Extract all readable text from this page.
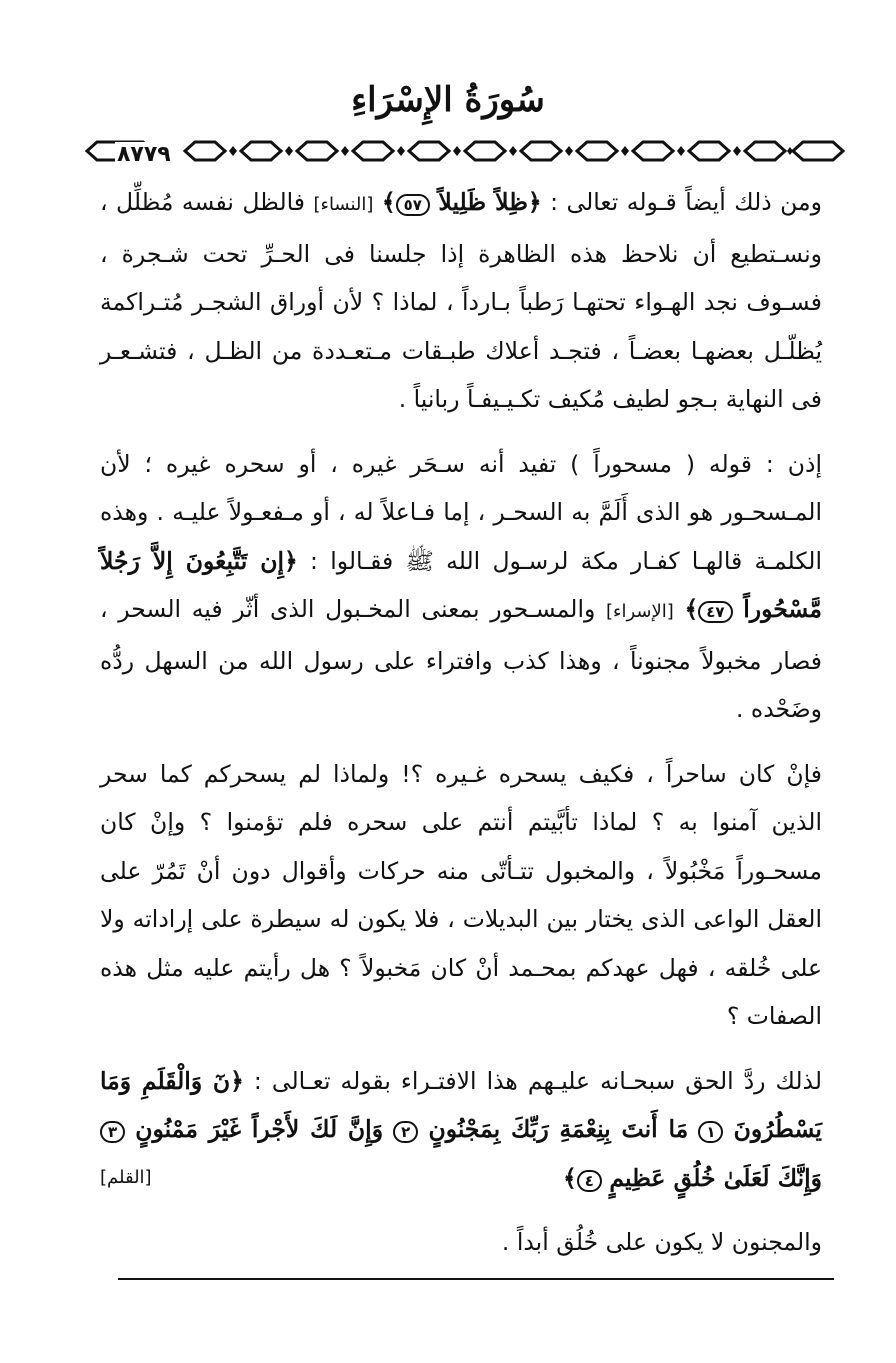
سُورَةُ الإِسْرَاءِ
٨٧٧٩

ومن ذلك أيضاً قـوله تعالى : ﴿ظِلاً ظَلِيلاً ٥٧﴾ [النساء] فالظل نفسه مُظلِّل ، ونسـتطيع أن نلاحظ هذه الظاهرة إذا جلسنا فى الحـرِّ تحت شـجرة ، فسـوف نجد الهـواء تحتهـا رَطباً بـارداً ، لماذا ؟ لأن أوراق الشجـر مُتـراكمة يُظلّـل بعضهـا بعضـاً ، فتجـد أعلاك طبـقات مـتعـددة من الظـل ، فتشـعـر فى النهاية بـجو لطيف مُكيف تكـيـيفـاً ربانياً .

إذن : قوله ( مسحوراً ) تفيد أنه سـحَر غيره ، أو سحره غيره ؛ لأن المـسحـور هو الذى أَلَمَّ به السحـر ، إما فـاعلاً له ، أو مـفعـولاً عليـه . وهذه الكلمـة قالهـا كفـار مكة لرسـول الله ﷺ فقـالوا : ﴿إِن تَتَّبِعُونَ إِلاَّ رَجُلاً مَّسْحُوراً ٤٧﴾ [الإسراء] والمسـحور بمعنى المخـبول الذى أثّر فيه السحر ، فصار مخبولاً مجنوناً ، وهذا كذب وافتراء على رسول الله من السهل ردُّه وضَحْده .

فإنْ كان ساحراً ، فكيف يسحره غـيره ؟! ولماذا لم يسحركم كما سحر الذين آمنوا به ؟ لماذا تأبَّيتم أنتم على سحره فلم تؤمنوا ؟ وإنْ كان مسحـوراً مَخْبُولاً ، والمخبول تتـأتّى منه حركات وأقوال دون أنْ تَمُرّ على العقل الواعى الذى يختار بين البديلات ، فلا يكون له سيطرة على إراداته ولا على خُلقه ، فهل عهدكم بمحـمد أنْ كان مَخبولاً ؟ هل رأيتم عليه مثل هذه الصفات ؟

لذلك ردَّ الحق سبحـانه عليـهم هذا الافتـراء بقوله تعـالى : ﴿نٓ وَالْقَلَمِ وَمَا يَسْطُرُونَ ١ مَا أَنتَ بِنِعْمَةِ رَبِّكَ بِمَجْنُونٍ ٢ وَإِنَّ لَكَ لأَجْراً غَيْرَ مَمْنُونٍ ٣ وَإِنَّكَ لَعَلَىٰ خُلُقٍ عَظِيمٍ ٤﴾
[القلم]

والمجنون لا يكون على خُلُق أبداً .
